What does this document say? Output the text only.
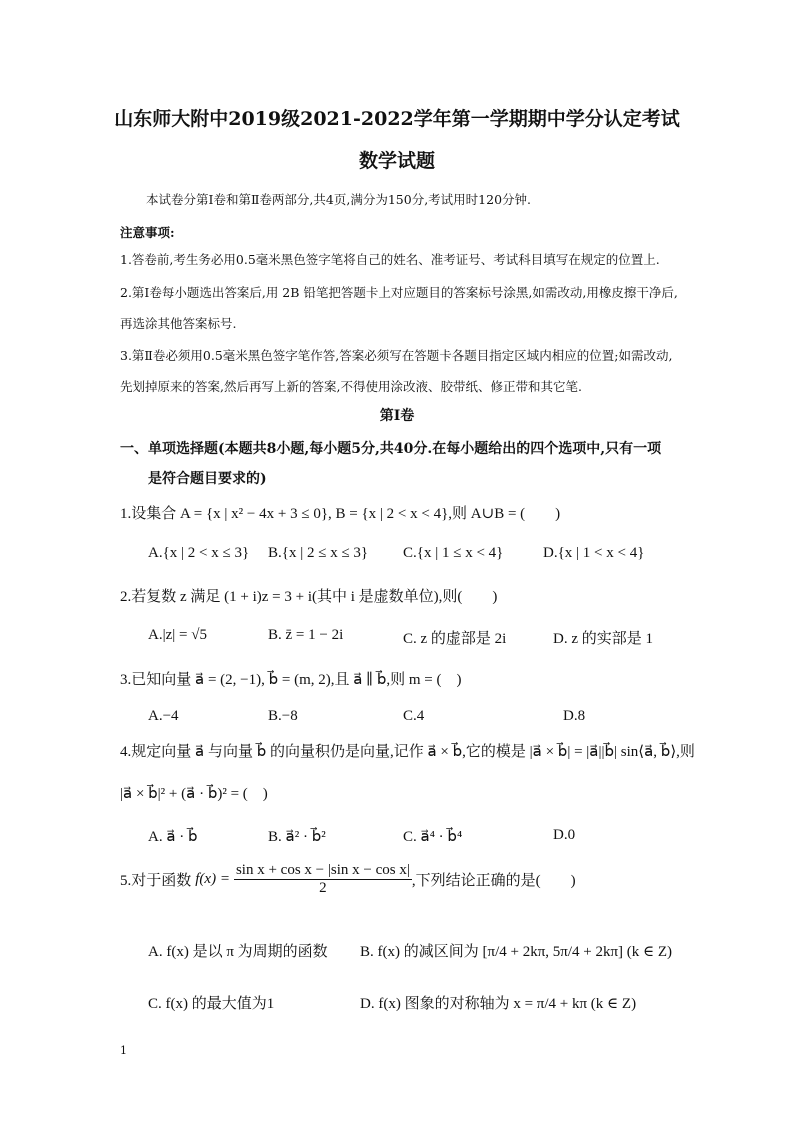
山东师大附中2019级2021-2022学年第一学期期中学分认定考试
数学试题
本试卷分第Ⅰ卷和第Ⅱ卷两部分,共4页,满分为150分,考试用时120分钟.
注意事项:
1.答卷前,考生务必用0.5毫米黑色签字笔将自己的姓名、准考证号、考试科目填写在规定的位置上.
2.第Ⅰ卷每小题选出答案后,用 2B 铅笔把答题卡上对应题目的答案标号涂黑,如需改动,用橡皮擦干净后,
再选涂其他答案标号.
3.第Ⅱ卷必须用0.5毫米黑色签字笔作答,答案必须写在答题卡各题目指定区域内相应的位置;如需改动,
先划掉原来的答案,然后再写上新的答案,不得使用涂改液、胶带纸、修正带和其它笔.
第Ⅰ卷
一、单项选择题(本题共8小题,每小题5分,共40分.在每小题给出的四个选项中,只有一项
是符合题目要求的)
1.设集合 A = {x | x² − 4x + 3 ≤ 0}, B = {x | 2 < x < 4},则 A∪B = (　　)
A.{x | 2 < x ≤ 3} B.{x | 2 ≤ x ≤ 3} C.{x | 1 ≤ x < 4}	D.{x | 1 < x < 4}
2.若复数 z 满足 (1 + i)z = 3 + i(其中 i 是虚数单位),则(　　)
A.|z| = √5	B. z̄ = 1 − 2i	C. z 的虚部是 2i	D. z 的实部是 1
3.已知向量 a⃗ = (2, −1), b⃗ = (m, 2),且 a⃗ ∥ b⃗,则 m = (　)
A.−4	B.−8	C.4	D.8
4.规定向量 a⃗ 与向量 b⃗ 的向量积仍是向量,记作 a⃗ × b⃗,它的模是 |a⃗ × b⃗| = |a⃗||b⃗| sin⟨a⃗, b⃗⟩,则
|a⃗ × b⃗|² + (a⃗ · b⃗)² = (　)
A. a⃗ · b⃗	B. a⃗² · b⃗²	C. a⃗⁴ · b⃗⁴	D.0
5.对于函数 $f(x) = \frac{\text{sin x + cos x − |sin x − cos x|}}{2}$ ,下列结论正确的是(　　)
A. f(x) 是以 π 为周期的函数 B. f(x) 的减区间为 [π/4 + 2kπ, 5π/4 + 2kπ] (k ∈ Z)
C. f(x) 的最大值为1	D. f(x) 图象的对称轴为 x = π/4 + kπ (k ∈ Z)
1
